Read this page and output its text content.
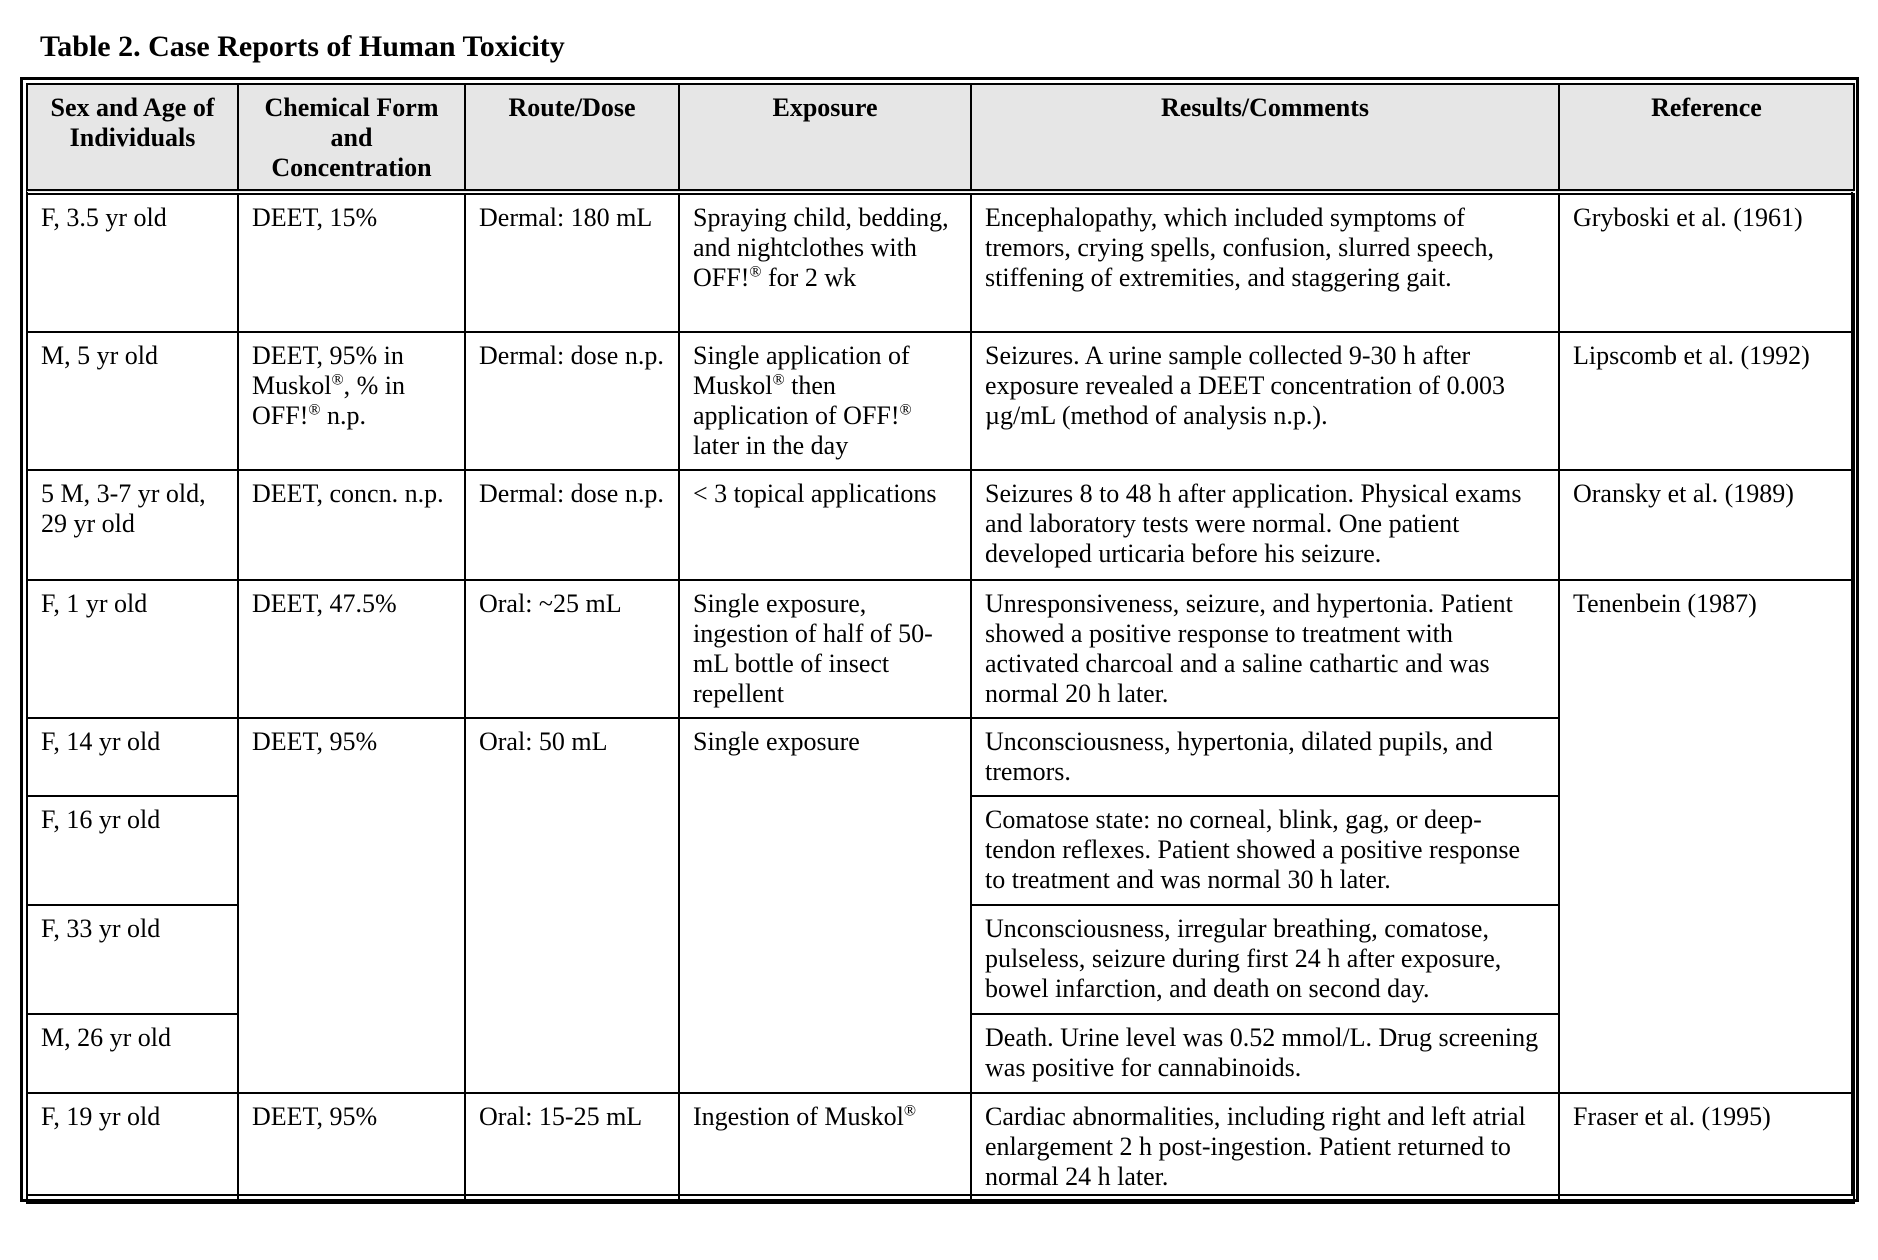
Table 2. Case Reports of Human Toxicity
Sex and Age of Individuals	Chemical Form and Concentration	Route/Dose	Exposure	Results/Comments	Reference
F, 3.5 yr old	DEET, 15%	Dermal: 180 mL	Spraying child, bedding, and nightclothes with OFF!® for 2 wk	Encephalopathy, which included symptoms of tremors, crying spells, confusion, slurred speech, stiffening of extremities, and staggering gait.	Gryboski et al. (1961)
M, 5 yr old	DEET, 95% in Muskol®, % in OFF!® n.p.	Dermal: dose n.p.	Single application of Muskol® then application of OFF!® later in the day	Seizures. A urine sample collected 9-30 h after exposure revealed a DEET concentration of 0.003 µg/mL (method of analysis n.p.).	Lipscomb et al. (1992)
5 M, 3-7 yr old, 29 yr old	DEET, concn. n.p.	Dermal: dose n.p.	< 3 topical applications	Seizures 8 to 48 h after application. Physical exams and laboratory tests were normal. One patient developed urticaria before his seizure.	Oransky et al. (1989)
F, 1 yr old	DEET, 47.5%	Oral: ~25 mL	Single exposure, ingestion of half of 50-mL bottle of insect repellent	Unresponsiveness, seizure, and hypertonia. Patient showed a positive response to treatment with activated charcoal and a saline cathartic and was normal 20 h later.	Tenenbein (1987)
F, 14 yr old	DEET, 95%	Oral: 50 mL	Single exposure	Unconsciousness, hypertonia, dilated pupils, and tremors.	
F, 16 yr old				Comatose state: no corneal, blink, gag, or deep-tendon reflexes. Patient showed a positive response to treatment and was normal 30 h later.	
F, 33 yr old				Unconsciousness, irregular breathing, comatose, pulseless, seizure during first 24 h after exposure, bowel infarction, and death on second day.	
M, 26 yr old				Death. Urine level was 0.52 mmol/L. Drug screening was positive for cannabinoids.	
F, 19 yr old	DEET, 95%	Oral: 15-25 mL	Ingestion of Muskol®	Cardiac abnormalities, including right and left atrial enlargement 2 h post-ingestion. Patient returned to normal 24 h later.	Fraser et al. (1995)
